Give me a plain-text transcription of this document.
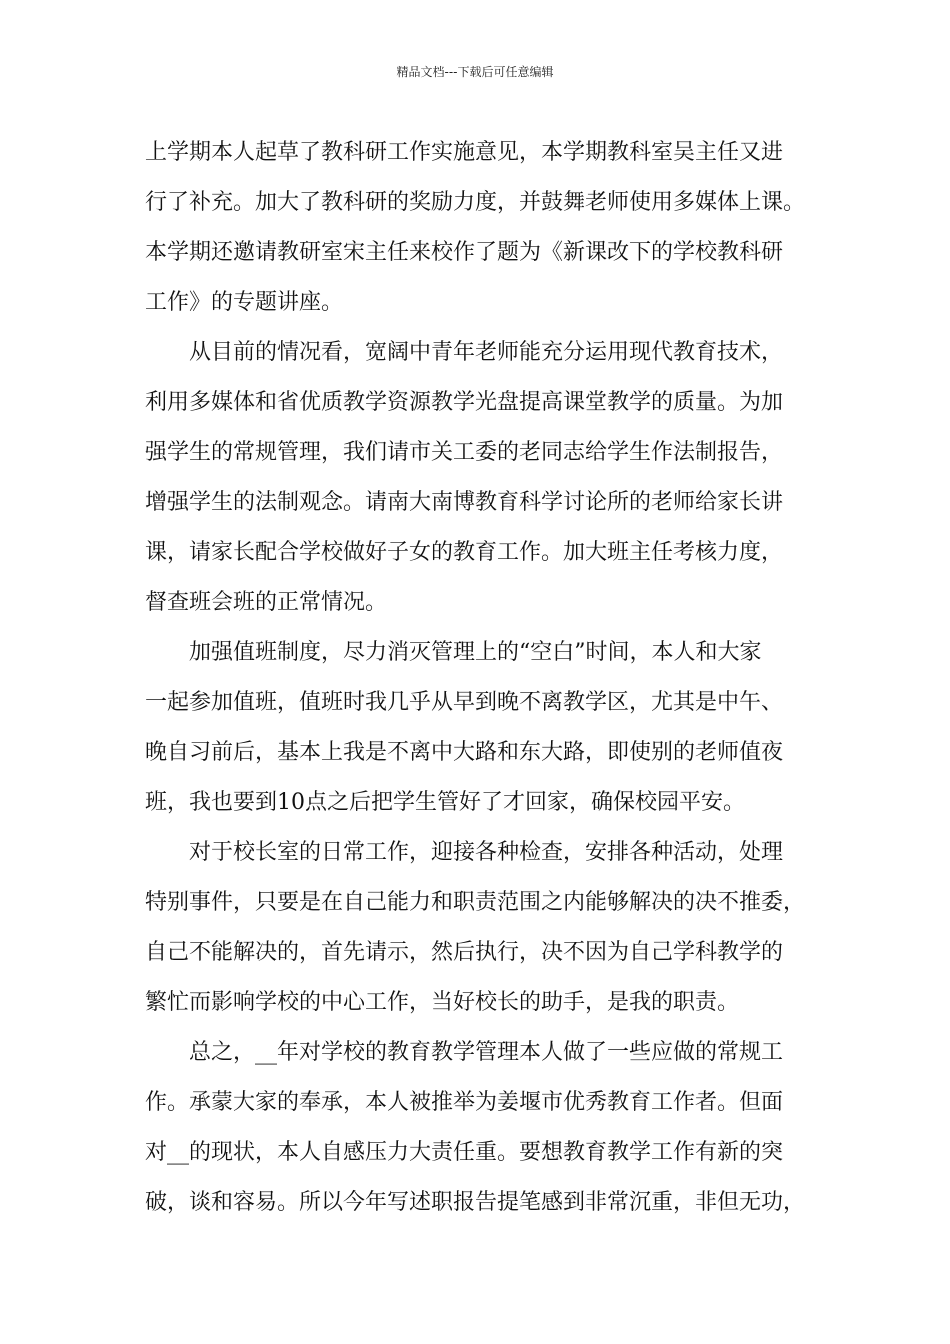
精品文档---下载后可任意编辑
上学期本人起草了教科研工作实施意见，本学期教科室吴主任又进
行了补充。加大了教科研的奖励力度，并鼓舞老师使用多媒体上课。
本学期还邀请教研室宋主任来校作了题为《新课改下的学校教科研
工作》的专题讲座。
从目前的情况看，宽阔中青年老师能充分运用现代教育技术，
利用多媒体和省优质教学资源教学光盘提高课堂教学的质量。为加
强学生的常规管理，我们请市关工委的老同志给学生作法制报告，
增强学生的法制观念。请南大南博教育科学讨论所的老师给家长讲
课，请家长配合学校做好子女的教育工作。加大班主任考核力度，
督查班会班的正常情况。
加强值班制度，尽力消灭管理上的“空白”时间，本人和大家
一起参加值班，值班时我几乎从早到晚不离教学区，尤其是中午、
晚自习前后，基本上我是不离中大路和东大路，即使别的老师值夜
班，我也要到10点之后把学生管好了才回家，确保校园平安。
对于校长室的日常工作，迎接各种检查，安排各种活动，处理
特别事件，只要是在自己能力和职责范围之内能够解决的决不推委，
自己不能解决的，首先请示，然后执行，决不因为自己学科教学的
繁忙而影响学校的中心工作，当好校长的助手，是我的职责。
总之，__年对学校的教育教学管理本人做了一些应做的常规工
作。承蒙大家的奉承，本人被推举为姜堰市优秀教育工作者。但面
对__的现状，本人自感压力大责任重。要想教育教学工作有新的突
破，谈和容易。所以今年写述职报告提笔感到非常沉重，非但无功，
